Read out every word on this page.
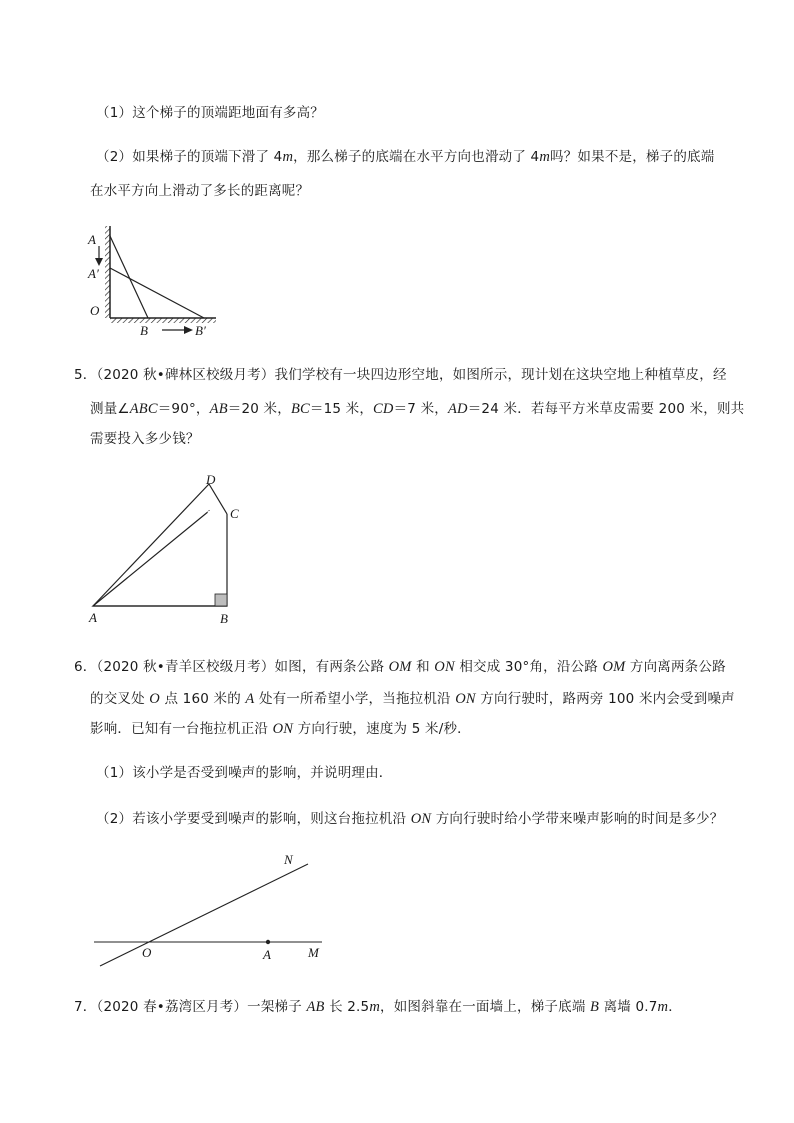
（1）这个梯子的顶端距地面有多高？
（2）如果梯子的顶端下滑了 4m，那么梯子的底端在水平方向也滑动了 4m吗？如果不是，梯子的底端
在水平方向上滑动了多长的距离呢？
A
A′
O
B	B′
5．（2020 秋•碑林区校级月考）我们学校有一块四边形空地，如图所示，现计划在这块空地上种植草皮，经
测量∠ABC＝90°，AB＝20 米，BC＝15 米，CD＝7 米，AD＝24 米．若每平方米草皮需要 200 米，则共
需要投入多少钱？
A	B
C
D
6．（2020 秋•青羊区校级月考）如图，有两条公路 OM 和 ON 相交成 30°角，沿公路 OM 方向离两条公路
的交叉处 O 点 160 米的 A 处有一所希望小学，当拖拉机沿 ON 方向行驶时，路两旁 100 米内会受到噪声
影响．已知有一台拖拉机正沿 ON 方向行驶，速度为 5 米/秒．
（1）该小学是否受到噪声的影响，并说明理由．
（2）若该小学要受到噪声的影响，则这台拖拉机沿 ON 方向行驶时给小学带来噪声影响的时间是多少？
N
O	A	M
7．（2020 春•荔湾区月考）一架梯子 AB 长 2.5m，如图斜靠在一面墙上，梯子底端 B 离墙 0.7m．
